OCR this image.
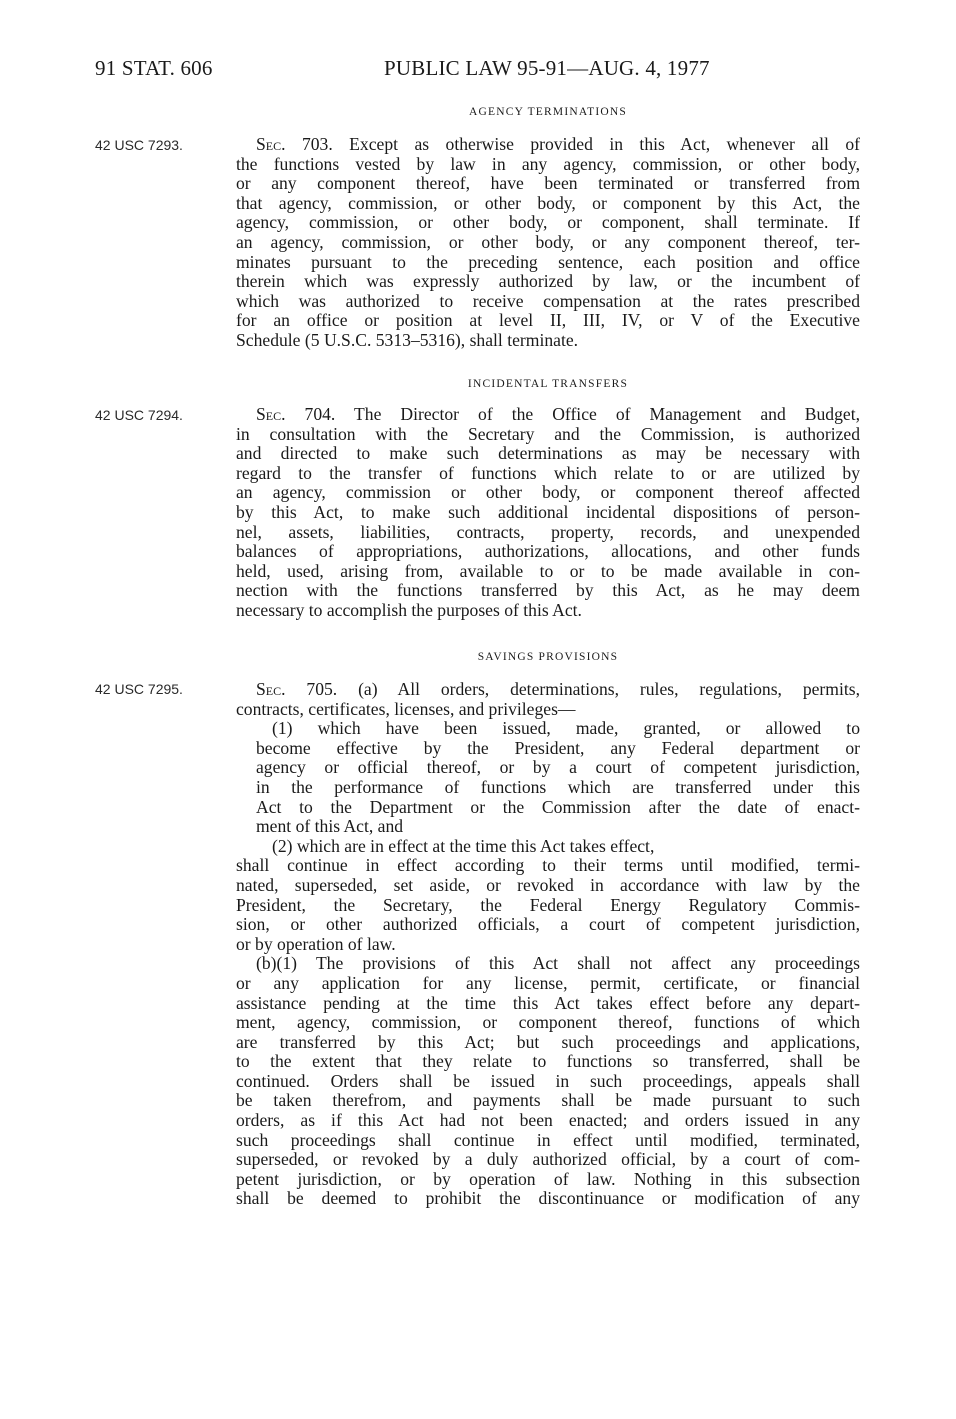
91 STAT. 606	PUBLIC LAW 95-91—AUG. 4, 1977
AGENCY TERMINATIONS
42 USC 7293.	Sec. 703. Except as otherwise provided in this Act, whenever all of
the functions vested by law in any agency, commission, or other body,
or any component thereof, have been terminated or transferred from
that agency, commission, or other body, or component by this Act, the
agency, commission, or other body, or component, shall terminate. If
an agency, commission, or other body, or any component thereof, ter-
minates pursuant to the preceding sentence, each position and office
therein which was expressly authorized by law, or the incumbent of
which was authorized to receive compensation at the rates prescribed
for an office or position at level II, III, IV, or V of the Executive
Schedule (5 U.S.C. 5313–5316), shall terminate.
INCIDENTAL TRANSFERS
42 USC 7294.	Sec. 704. The Director of the Office of Management and Budget,
in consultation with the Secretary and the Commission, is authorized
and directed to make such determinations as may be necessary with
regard to the transfer of functions which relate to or are utilized by
an agency, commission or other body, or component thereof affected
by this Act, to make such additional incidental dispositions of person-
nel, assets, liabilities, contracts, property, records, and unexpended
balances of appropriations, authorizations, allocations, and other funds
held, used, arising from, available to or to be made available in con-
nection with the functions transferred by this Act, as he may deem
necessary to accomplish the purposes of this Act.
SAVINGS PROVISIONS
42 USC 7295.	Sec. 705. (a) All orders, determinations, rules, regulations, permits,
contracts, certificates, licenses, and privileges—
(1) which have been issued, made, granted, or allowed to
become effective by the President, any Federal department or
agency or official thereof, or by a court of competent jurisdiction,
in the performance of functions which are transferred under this
Act to the Department or the Commission after the date of enact-
ment of this Act, and
(2) which are in effect at the time this Act takes effect,
shall continue in effect according to their terms until modified, termi-
nated, superseded, set aside, or revoked in accordance with law by the
President, the Secretary, the Federal Energy Regulatory Commis-
sion, or other authorized officials, a court of competent jurisdiction,
or by operation of law.
(b)(1) The provisions of this Act shall not affect any proceedings
or any application for any license, permit, certificate, or financial
assistance pending at the time this Act takes effect before any depart-
ment, agency, commission, or component thereof, functions of which
are transferred by this Act; but such proceedings and applications,
to the extent that they relate to functions so transferred, shall be
continued. Orders shall be issued in such proceedings, appeals shall
be taken therefrom, and payments shall be made pursuant to such
orders, as if this Act had not been enacted; and orders issued in any
such proceedings shall continue in effect until modified, terminated,
superseded, or revoked by a duly authorized official, by a court of com-
petent jurisdiction, or by operation of law. Nothing in this subsection
shall be deemed to prohibit the discontinuance or modification of any
